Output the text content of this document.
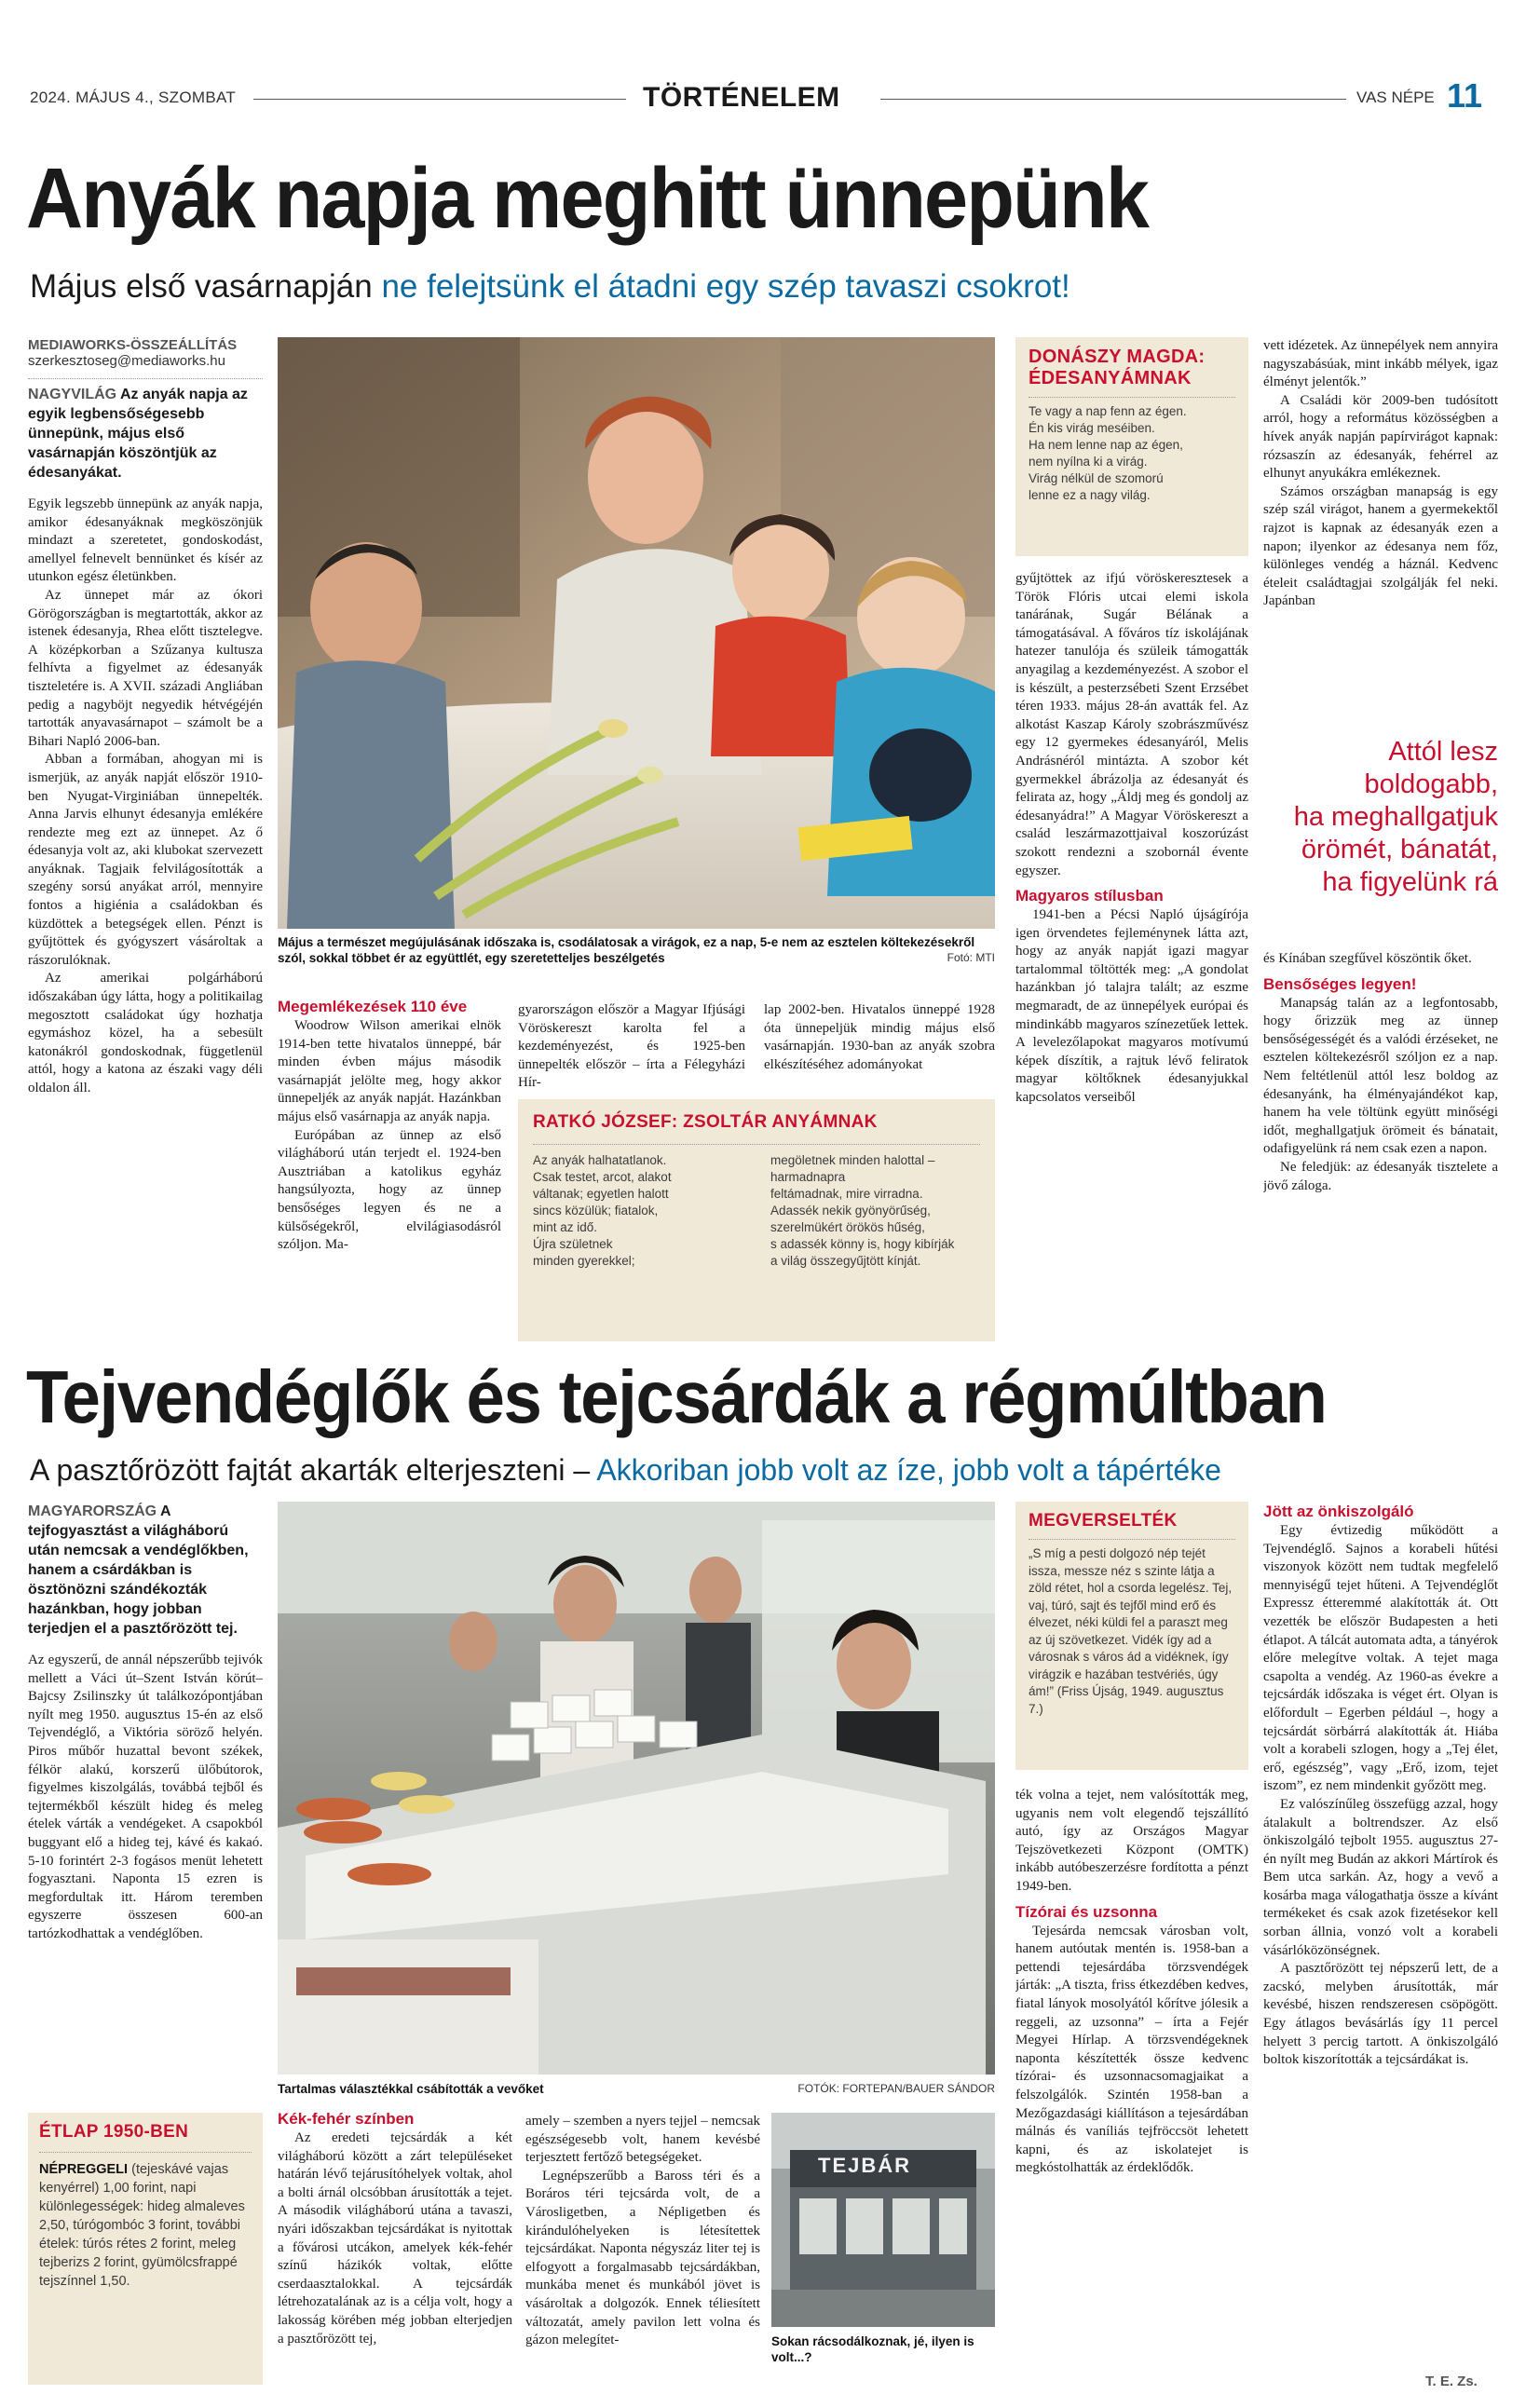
2024. MÁJUS 4., SZOMBAT	TÖRTÉNELEM	VAS NÉPE 11
Anyák napja meghitt ünnepünk
Május első vasárnapján ne felejtsünk el átadni egy szép tavaszi csokrot!
MEDIAWORKS-ÖSSZEÁLLÍTÁS
szerkesztoseg@mediaworks.hu
NAGYVILÁG Az anyák napja az egyik legbensőségesebb ünnepünk, május első vasárnapján köszöntjük az édesanyákat.

Egyik legszebb ünnepünk az anyák napja, amikor édesanyáknak megköszönjük mindazt a szeretetet, gondoskodást, amellyel felnevelt bennünket és kísér az utunkon egész életünkben.

Az ünnepet már az ókori Görögországban is megtartották, akkor az istenek édesanyja, Rhea előtt tisztelegve. A középkorban a Szűzanya kultusza felhívta a figyelmet az édesanyák tiszteletére is. A XVII. századi Angliában pedig a nagyböjt negyedik hétvégéjén tartották anyavasárnapot – számolt be a Bihari Napló 2006-ban.

Abban a formában, ahogyan mi is ismerjük, az anyák napját először 1910-ben Nyugat-Virginiában ünnepelték. Anna Jarvis elhunyt édesanyja emlékére rendezte meg ezt az ünnepet. Az ő édesanyja volt az, aki klubokat szervezett anyáknak. Tagjaik felvilágosították a szegény sorsú anyákat arról, mennyire fontos a higiénia a családokban és küzdöttek a betegségek ellen. Pénzt is gyűjtöttek és gyógyszert vásároltak a rászorulóknak.

Az amerikai polgárháború időszakában úgy látta, hogy a politikailag megosztott családokat úgy hozhatja egymáshoz közel, ha a sebesült katonákról gondoskodnak, függetlenül attól, hogy a katona az északi vagy déli oldalon áll.

Május a természet megújulásának időszaka is, csodálatosak a virágok, ez a nap, 5-e nem az esztelen költekezésekről szól, sokkal többet ér az együttlét, egy szeretetteljes beszélgetés	Fotó: MTI
Megemlékezések 110 éve

Woodrow Wilson amerikai elnök 1914-ben tette hivatalos ünneppé, bár minden évben május második vasárnapját jelölte meg, hogy akkor ünnepeljék az anyák napját. Hazánkban május első vasárnapja az anyák napja.

Európában az ünnep az első világháború után terjedt el. 1924-ben Ausztriában a katolikus egyház hangsúlyozta, hogy az ünnep bensőséges legyen és ne a külsőségekről, elvilágiasodásról szóljon. Ma-

gyarországon először a Magyar Ifjúsági Vöröskereszt karolta fel a kezdeményezést, és 1925-ben ünnepelték először – írta a Félegyházi Hír-

lap 2002-ben. Hivatalos ünneppé 1928 óta ünnepeljük mindig május első vasárnapján. 1930-ban az anyák szobra elkészítéséhez adományokat

RATKÓ JÓZSEF: ZSOLTÁR ANYÁMNAK
Az anyák halhatatlanok.
Csak testet, arcot, alakot
váltanak; egyetlen halott
sincs közülük; fiatalok,
mint az idő.
Újra születnek
minden gyerekkel;
megöletnek minden halottal –
harmadnapra
feltámadnak, mire virradna.
Adassék nekik gyönyörűség,
szerelmükért örökös hűség,
s adassék könny is, hogy kibírják
a világ összegyűjtött kínját.
DONÁSZY MAGDA:
ÉDESANYÁMNAK
Te vagy a nap fenn az égen.
Én kis virág meséiben.
Ha nem lenne nap az égen,
nem nyílna ki a virág.
Virág nélkül de szomorú
lenne ez a nagy világ.

gyűjtöttek az ifjú vöröskeresztesek a Török Flóris utcai elemi iskola tanárának, Sugár Bélának a támogatásával. A főváros tíz iskolájának hatezer tanulója és szüleik támogatták anyagilag a kezdeményezést. A szobor el is készült, a pesterzsébeti Szent Erzsébet téren 1933. május 28-án avatták fel. Az alkotást Kaszap Károly szobrászművész egy 12 gyermekes édesanyáról, Melis Andrásnéról mintázta. A szobor két gyermekkel ábrázolja az édesanyát és felirata az, hogy „Áldj meg és gondolj az édesanyádra!” A Magyar Vöröskereszt a család leszármazottjaival koszorúzást szokott rendezni a szobornál évente egyszer.

Magyaros stílusban

1941-ben a Pécsi Napló újságírója igen örvendetes fejleménynek látta azt, hogy az anyák napját igazi magyar tartalommal töltötték meg: „A gondolat hazánkban jó talajra talált; az eszme megmaradt, de az ünnepélyek európai és mindinkább magyaros színezetűek lettek. A levelezőlapokat magyaros motívumú képek díszítik, a rajtuk lévő feliratok magyar költőknek édesanyjukkal kapcsolatos verseiből

vett idézetek. Az ünnepélyek nem annyira nagyszabásúak, mint inkább mélyek, igaz élményt jelentők.”

A Családi kör 2009-ben tudósított arról, hogy a református közösségben a hívek anyák napján papírvirágot kapnak: rózsaszín az édesanyák, fehérrel az elhunyt anyukákra emlékeznek.

Számos országban manapság is egy szép szál virágot, hanem a gyermekektől rajzot is kapnak az édesanyák ezen a napon; ilyenkor az édesanya nem főz, különleges vendég a háznál. Kedvenc ételeit családtagjai szolgálják fel neki. Japánban

Attól lesz
boldogabb,
ha meghallgatjuk
örömét, bánatát,
ha figyelünk rá

és Kínában szegfűvel köszöntik őket.

Bensőséges legyen!

Manapság talán az a legfontosabb, hogy őrizzük meg az ünnep bensőségességét és a valódi érzéseket, ne esztelen költekezésről szóljon ez a nap. Nem feltétlenül attól lesz boldog az édesanyánk, ha élményajándékot kap, hanem ha vele töltünk együtt minőségi időt, meghallgatjuk örömeit és bánatait, odafigyelünk rá nem csak ezen a napon.

Ne feledjük: az édesanyák tisztelete a jövő záloga.

Tejvendéglők és tejcsárdák a régmúltban
A pasztőrözött fajtát akarták elterjeszteni – Akkoriban jobb volt az íze, jobb volt a tápértéke
MAGYARORSZÁG A tejfogyasztást a világháború után nemcsak a vendéglőkben, hanem a csárdákban is ösztönözni szándékozták hazánkban, hogy jobban terjedjen el a pasztőrözött tej.

Az egyszerű, de annál népszerűbb tejivók mellett a Váci út–Szent István körút–Bajcsy Zsilinszky út találkozópontjában nyílt meg 1950. augusztus 15-én az első Tejvendéglő, a Viktória söröző helyén. Piros műbőr huzattal bevont székek, félkör alakú, korszerű ülőbútorok, figyelmes kiszolgálás, továbbá tejből és tejtermékből készült hideg és meleg ételek várták a vendégeket. A csapokból buggyant elő a hideg tej, kávé és kakaó. 5-10 forintért 2-3 fogásos menüt lehetett fogyasztani. Naponta 15 ezren is megfordultak itt. Három teremben egyszerre összesen 600-an tartózkodhattak a vendéglőben.

ÉTLAP 1950-BEN
NÉPREGGELI (tejeskávé vajas kenyérrel) 1,00 forint, napi különlegességek: hideg almaleves 2,50, túrógombóc 3 forint, további ételek: túrós rétes 2 forint, meleg tejberizs 2 forint, gyümölcsfrappé tejszínnel 1,50.
Tartalmas választékkal csábították a vevőket	FOTÓK: FORTEPAN/BAUER SÁNDOR
Kék-fehér színben

Az eredeti tejcsárdák a két világháború között a zárt településeket határán lévő tejárusítóhelyek voltak, ahol a bolti árnál olcsóbban árusították a tejet. A második világháború utána a tavaszi, nyári időszakban tejcsárdákat is nyitottak a fővárosi utcákon, amelyek kék-fehér színű házikók voltak, előtte cserdaasztalokkal. A tejcsárdák létrehozatalának az is a célja volt, hogy a lakosság körében még jobban elterjedjen a pasztőrözött tej,

amely – szemben a nyers tejjel – nemcsak egészségesebb volt, hanem kevésbé terjesztett fertőző betegségeket.

Legnépszerűbb a Baross téri és a Boráros téri tejcsárda volt, de a Városligetben, a Népligetben és kirándulóhelyeken is létesítettek tejcsárdákat. Naponta négyszáz liter tej is elfogyott a forgalmasabb tejcsárdákban, munkába menet és munkából jövet is vásároltak a dolgozók. Ennek téliesített változatát, amely pavilon lett volna és gázon melegítet-

TEJBÁR
Sokan rácsodálkoznak, jé, ilyen is volt...?
MEGVERSELTÉK
„S míg a pesti dolgozó nép tejét issza, messze néz s szinte látja a zöld rétet, hol a csorda legelész. Tej, vaj, túró, sajt és tejfől mind erő és élvezet, néki küldi fel a paraszt meg az új szövetkezet. Vidék így ad a városnak s város ád a vidéknek, így virágzik e hazában testvériés, úgy ám!” (Friss Újság, 1949. augusztus 7.)

ték volna a tejet, nem valósították meg, ugyanis nem volt elegendő tejszállító autó, így az Országos Magyar Tejszövetkezeti Központ (OMTK) inkább autóbeszerzésre fordította a pénzt 1949-ben.

Tízórai és uzsonna

Tejesárda nemcsak városban volt, hanem autóutak mentén is. 1958-ban a pettendi tejesárdába törzsvendégek járták: „A tiszta, friss étkezdében kedves, fiatal lányok mosolyától kőrítve jólesik a reggeli, az uzsonna” – írta a Fejér Megyei Hírlap. A törzsvendégeknek naponta készítették össze kedvenc tízórai- és uzsonnacsomagjaikat a felszolgálók. Szintén 1958-ban a Mezőgazdasági kiállításon a tejesárdában málnás és vaníliás tejfröccsöt lehetett kapni, és az iskolatejet is megkóstolhatták az érdeklődők.

Jött az önkiszolgáló

Egy évtizedig működött a Tejvendéglő. Sajnos a korabeli hűtési viszonyok között nem tudtak megfelelő mennyiségű tejet hűteni. A Tejvendéglőt Expressz étteremmé alakították át. Ott vezették be először Budapesten a heti étlapot. A tálcát automata adta, a tányérok előre melegítve voltak. A tejet maga csapolta a vendég. Az 1960-as évekre a tejcsárdák időszaka is véget ért. Olyan is előfordult – Egerben például –, hogy a tejcsárdát sörbárrá alakították át. Hiába volt a korabeli szlogen, hogy a „Tej élet, erő, egészség”, vagy „Erő, izom, tejet iszom”, ez nem mindenkit győzött meg.

Ez valószínűleg összefügg azzal, hogy átalakult a boltrendszer. Az első önkiszolgáló tejbolt 1955. augusztus 27-én nyílt meg Budán az akkori Mártírok és Bem utca sarkán. Az, hogy a vevő a kosárba maga válogathatja össze a kívánt termékeket és csak azok fizetésekor kell sorban állnia, vonzó volt a korabeli vásárlóközönségnek.

A pasztőrözött tej népszerű lett, de a zacskó, melyben árusították, már kevésbé, hiszen rendszeresen csöpögött. Egy átlagos bevásárlás így 11 percel helyett 3 percig tartott. A önkiszolgáló boltok kiszorították a tejcsárdákat is.

T. E. Zs.
